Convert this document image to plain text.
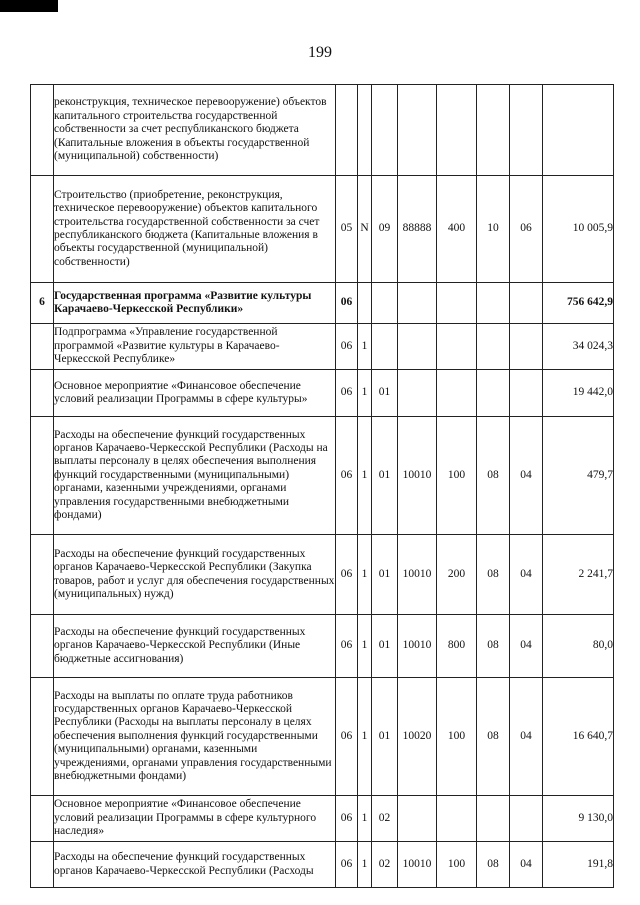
199
	реконструкция, техническое перевооружение) объектов капитального строительства государственной собственности за счет республиканского бюджета (Капитальные вложения в объекты государственной (муниципальной) собственности)								
	Строительство (приобретение, реконструкция, техническое перевооружение) объектов капитального строительства государственной собственности за счет республиканского бюджета (Капитальные вложения в объекты государственной (муниципальной) собственности)	05	N	09	88888	400	10	06	10 005,9
6	Государственная программа «Развитие культуры Карачаево-Черкесской Республики»	06							756 642,9
	Подпрограмма «Управление государственной программой «Развитие культуры в Карачаево-Черкесской Республике»	06	1						34 024,3
	Основное мероприятие «Финансовое обеспечение условий реализации Программы в сфере культуры»	06	1	01					19 442,0
	Расходы на обеспечение функций государственных органов Карачаево-Черкесской Республики (Расходы на выплаты персоналу в целях обеспечения выполнения функций государственными (муниципальными) органами, казенными учреждениями, органами управления государственными внебюджетными фондами)	06	1	01	10010	100	08	04	479,7
	Расходы на обеспечение функций государственных органов Карачаево-Черкесской Республики (Закупка товаров, работ и услуг для обеспечения государственных (муниципальных) нужд)	06	1	01	10010	200	08	04	2 241,7
	Расходы на обеспечение функций государственных органов Карачаево-Черкесской Республики (Иные бюджетные ассигнования)	06	1	01	10010	800	08	04	80,0
	Расходы на выплаты по оплате труда работников государственных органов Карачаево-Черкесской Республики (Расходы на выплаты персоналу в целях обеспечения выполнения функций государственными (муниципальными) органами, казенными учреждениями, органами управления государственными внебюджетными фондами)	06	1	01	10020	100	08	04	16 640,7
	Основное мероприятие «Финансовое обеспечение условий реализации Программы в сфере культурного наследия»	06	1	02					9 130,0
	Расходы на обеспечение функций государственных органов Карачаево-Черкесской Республики (Расходы	06	1	02	10010	100	08	04	191,8
